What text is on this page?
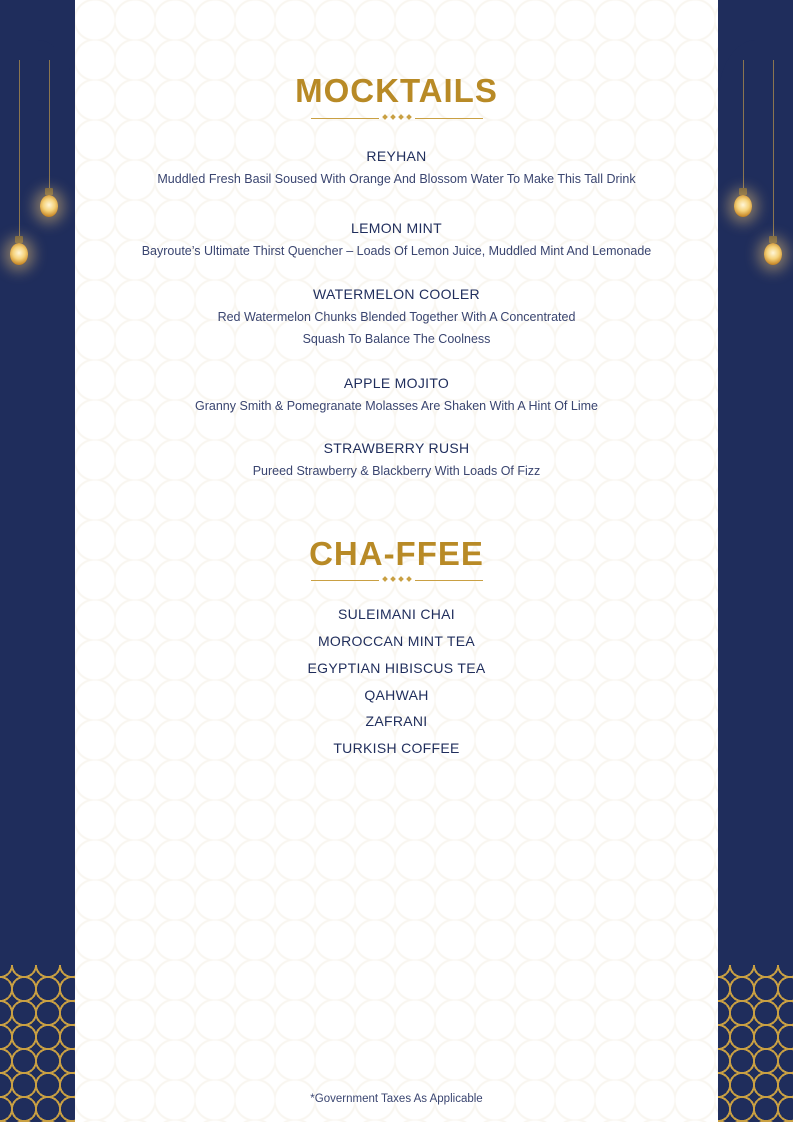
MOCKTAILS
REYHAN
Muddled Fresh Basil Soused With Orange And Blossom Water To Make This Tall Drink
LEMON MINT
Bayroute’s Ultimate Thirst Quencher – Loads Of Lemon Juice, Muddled Mint And Lemonade
WATERMELON COOLER
Red Watermelon Chunks Blended Together With A Concentrated
Squash To Balance The Coolness
APPLE MOJITO
Granny Smith & Pomegranate Molasses Are Shaken With A Hint Of Lime
STRAWBERRY RUSH
Pureed Strawberry & Blackberry With Loads Of Fizz
CHA-FFEE
SULEIMANI CHAI
MOROCCAN MINT TEA
EGYPTIAN HIBISCUS TEA
QAHWAH
ZAFRANI
TURKISH COFFEE
*Government Taxes As Applicable
